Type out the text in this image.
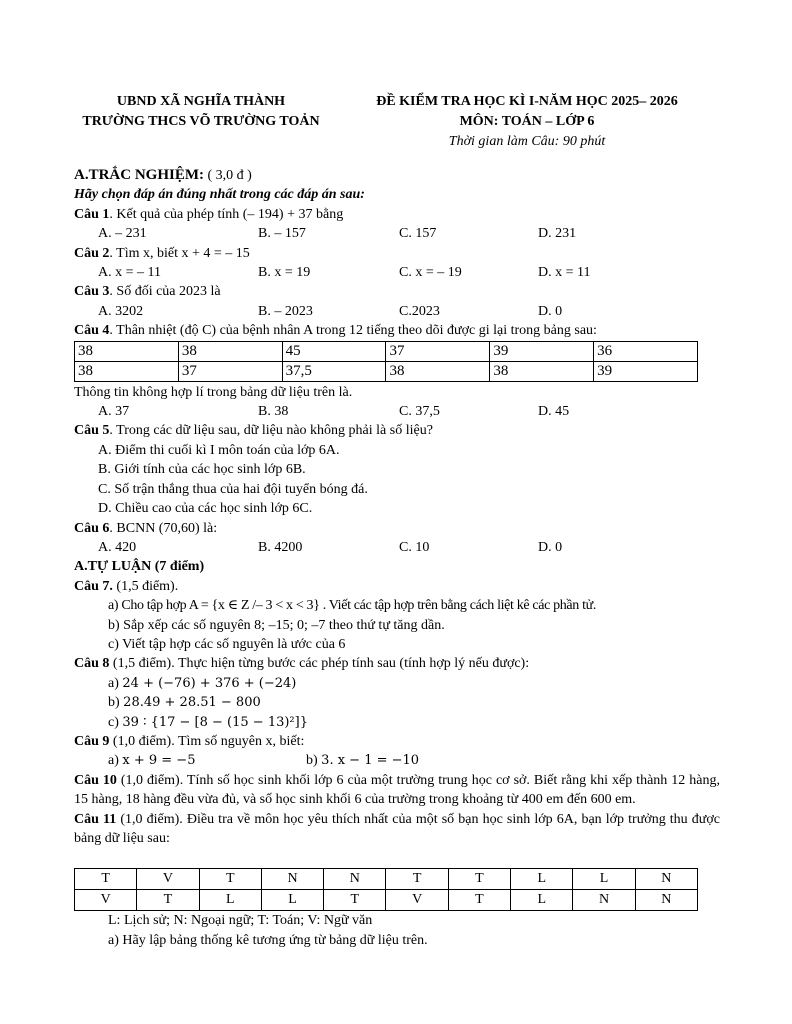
UBND XÃ NGHĨA THÀNH
TRƯỜNG THCS VÕ TRƯỜNG TOẢN
ĐỀ KIỂM TRA HỌC KÌ I-NĂM HỌC 2025– 2026
MÔN: TOÁN – LỚP 6
Thời gian làm Câu: 90 phút
A.TRẮC NGHIỆM: ( 3,0 đ )
Hãy chọn đáp án đúng nhất trong các đáp án sau:
Câu 1. Kết quả của phép tính (– 194) + 37 bằng
A. – 231	B. – 157	C. 157	D. 231
Câu 2. Tìm x, biết x + 4 = – 15
A. x = – 11	B. x = 19	C. x = – 19	D. x = 11
Câu 3. Số đối của 2023 là
A. 3202	B. – 2023	C.2023	D. 0
Câu 4. Thân nhiệt (độ C) của bệnh nhân A trong 12 tiếng theo dõi được gi lại trong bảng sau:
38	38	45	37	39	36
38	37	37,5	38	38	39
Thông tin không hợp lí trong bảng dữ liệu trên là.
A. 37	B. 38	C. 37,5	D. 45
Câu 5. Trong các dữ liệu sau, dữ liệu nào không phải là số liệu?
A. Điểm thi cuối kì I môn toán của lớp 6A.
B. Giới tính của các học sinh lớp 6B.
C. Số trận thắng thua của hai đội tuyển bóng đá.
D. Chiều cao của các học sinh lớp 6C.
Câu 6. BCNN (70,60) là:
A. 420	B. 4200	C. 10	D. 0
A.TỰ LUẬN (7 điểm)
Câu 7. (1,5 điểm).
a) Cho tập hợp A = {x ∈ Z /– 3 < x < 3} . Viết các tập hợp trên bằng cách liệt kê các phần tử.
b) Sắp xếp các số nguyên 8; –15; 0; –7 theo thứ tự tăng dần.
c) Viết tập hợp các số nguyên là ước của 6
Câu 8 (1,5 điểm). Thực hiện từng bước các phép tính sau (tính hợp lý nếu được):
a) 24 + (−76) + 376 + (−24)
b) 28.49 + 28.51 − 800
c) 39 ∶ {17 − [8 − (15 − 13)²]}
Câu 9 (1,0 điểm). Tìm số nguyên x, biết:
a) x + 9 = −5	b) 3. x − 1 = −10
Câu 10 (1,0 điểm). Tính số học sinh khối lớp 6 của một trường trung học cơ sở. Biết rằng khi xếp thành 12 hàng, 15 hàng, 18 hàng đều vừa đủ, và số học sinh khối 6 của trường trong khoảng từ 400 em đến 600 em.
Câu 11 (1,0 điểm). Điều tra về môn học yêu thích nhất của một số bạn học sinh lớp 6A, bạn lớp trưởng thu được bảng dữ liệu sau:
T	V	T	N	N	T	T	L	L	N
V	T	L	L	T	V	T	L	N	N
L: Lịch sử; N: Ngoại ngữ; T: Toán; V: Ngữ văn
a) Hãy lập bảng thống kê tương ứng từ bảng dữ liệu trên.
